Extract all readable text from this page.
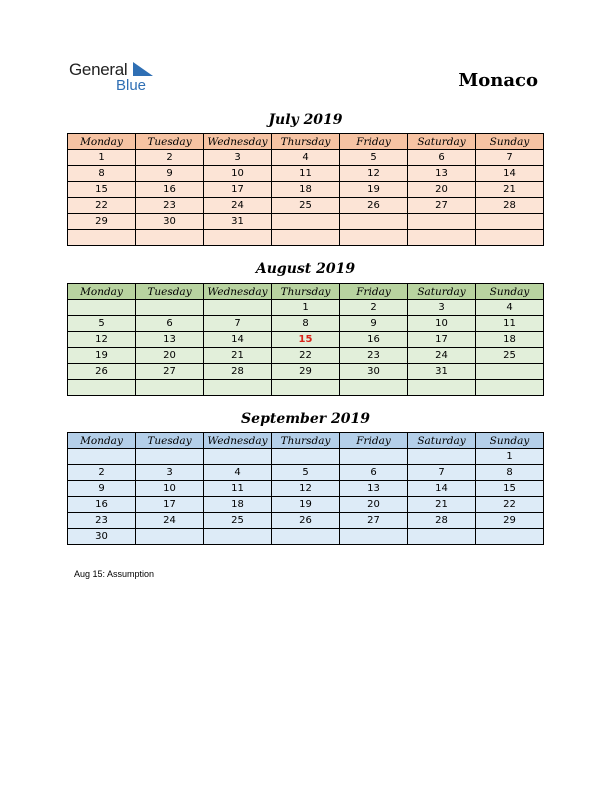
General
Blue	Monaco
July 2019
Monday	Tuesday	Wednesday	Thursday	Friday	Saturday	Sunday
1	2	3	4	5	6	7
8	9	10	11	12	13	14
15	16	17	18	19	20	21
22	23	24	25	26	27	28
29	30	31				

August 2019
Monday	Tuesday	Wednesday	Thursday	Friday	Saturday	Sunday
			1	2	3	4
5	6	7	8	9	10	11
12	13	14	15	16	17	18
19	20	21	22	23	24	25
26	27	28	29	30	31	

September 2019
Monday	Tuesday	Wednesday	Thursday	Friday	Saturday	Sunday
						1
2	3	4	5	6	7	8
9	10	11	12	13	14	15
16	17	18	19	20	21	22
23	24	25	26	27	28	29
30						
Aug 15: Assumption
